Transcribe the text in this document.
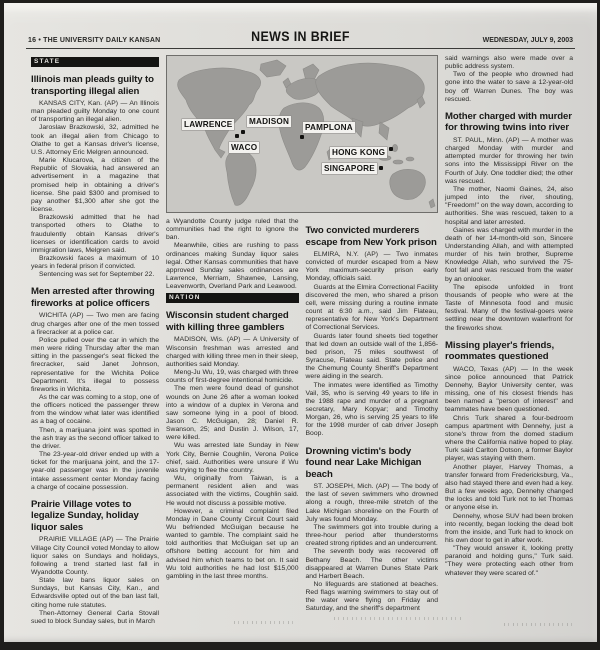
16 • THE UNIVERSITY DAILY KANSAN	NEWS IN BRIEF	WEDNESDAY, JULY 9, 2003
STATE
Illinois man pleads guilty to transporting illegal alien

KANSAS CITY, Kan. (AP) — An Illinois man pleaded guilty Monday to one count of transporting an illegal alien.

Jaroslaw Brazkowski, 32, admitted he took an illegal alien from Chicago to Olathe to get a Kansas driver's license, U.S. Attorney Eric Melgren announced.

Marie Klucarova, a citizen of the Republic of Slovakia, had answered an advertisement in a magazine that promised help in obtaining a driver's license. She paid $300 and promised to pay another $1,300 after she got the license.

Brazkowski admitted that he had transported others to Olathe to fraudulently obtain Kansas driver's licenses or identification cards to avoid immigration laws, Melgren said.

Brazkowski faces a maximum of 10 years in federal prison if convicted.

Sentencing was set for September 22.

Men arrested after throwing fireworks at police officers

WICHITA (AP) — Two men are facing drug charges after one of the men tossed a firecracker at a police car.

Police pulled over the car in which the men were riding Thursday after the man sitting in the passenger's seat flicked the firecracker, said Janet Johnson, representative for the Wichita Police Department. It's illegal to possess fireworks in Wichita.

As the car was coming to a stop, one of the officers noticed the passenger threw from the window what later was identified as a bag of cocaine.

Then, a marijuana joint was spotted in the ash tray as the second officer talked to the driver.

The 23-year-old driver ended up with a ticket for the marijuana joint, and the 17-year-old passenger was in the juvenile intake assessment center Monday facing a charge of cocaine possession.

Prairie Village votes to legalize Sunday, holiday liquor sales

PRAIRIE VILLAGE (AP) — The Prairie Village City Council voted Monday to allow liquor sales on Sundays and holidays, following a trend started last fall in Wyandotte County.

State law bans liquor sales on Sundays, but Kansas City, Kan., and Edwardsville opted out of the ban last fall, citing home rule statutes.

Then-Attorney General Carla Stovall sued to block Sunday sales, but in March

LAWRENCE MADISON
WACO
PAMPLONA
HONG KONG
SINGAPORE

a Wyandotte County judge ruled that the communities had the right to ignore the ban.

Meanwhile, cities are rushing to pass ordinances making Sunday liquor sales legal. Other Kansas communities that have approved Sunday sales ordinances are Lawrence, Merriam, Shawnee, Lansing, Leavenworth, Overland Park and Leawood.

NATION
Wisconsin student charged with killing three gamblers

MADISON, Wis. (AP) — A University of Wisconsin freshman was arrested and charged with killing three men in their sleep, authorities said Monday.

Meng-Ju Wu, 19, was charged with three counts of first-degree intentional homicide.

The men were found dead of gunshot wounds on June 26 after a woman looked into a window of a duplex in Verona and saw someone lying in a pool of blood. Jason C. McGuigan, 28; Daniel R. Swanson, 25; and Dustin J. Wilson, 17, were killed.

Wu was arrested late Sunday in New York City, Bernie Coughlin, Verona Police chief, said. Authorities were unsure if Wu was trying to flee the country.

Wu, originally from Taiwan, is a permanent resident alien and was associated with the victims, Coughlin said. He would not discuss a possible motive.

However, a criminal complaint filed Monday in Dane County Circuit Court said Wu befriended McGuigan because he wanted to gamble. The complaint said he told authorities that McGuigan set up an offshore betting account for him and advised him which teams to bet on. It said Wu told authorities he had lost $15,000 gambling in the last three months.

Two convicted murderers escape from New York prison

ELMIRA, N.Y. (AP) — Two inmates convicted of murder escaped from a New York maximum-security prison early Monday, officials said.

Guards at the Elmira Correctional Facility discovered the men, who shared a prison cell, were missing during a routine inmate count at 6:30 a.m., said Jim Flateau, representative for New York's Department of Correctional Services.

Guards later found sheets tied together that led down an outside wall of the 1,856-bed prison, 75 miles southwest of Syracuse, Flateau said. State police and the Chemung County Sheriff's Department were aiding in the search.

The inmates were identified as Timothy Vail, 35, who is serving 49 years to life in the 1988 rape and murder of a pregnant secretary, Mary Kopyar; and Timothy Morgan, 26, who is serving 25 years to life for the 1998 murder of cab driver Joseph Boop.

Drowning victim's body found near Lake Michigan beach

ST. JOSEPH, Mich. (AP) — The body of the last of seven swimmers who drowned along a rough, three-mile stretch of the Lake Michigan shoreline on the Fourth of July was found Monday.

The swimmers got into trouble during a three-hour period after thunderstorms created strong riptides and an undercurrent.

The seventh body was recovered off Bethany Beach. The other victims disappeared at Warren Dunes State Park and Harbert Beach.

No lifeguards are stationed at beaches. Red flags warning swimmers to stay out of the water were flying on Friday and Saturday, and the sheriff's department

said warnings also were made over a public address system.

Two of the people who drowned had gone into the water to save a 12-year-old boy off Warren Dunes. The boy was rescued.

Mother charged with murder for throwing twins into river

ST. PAUL, Minn. (AP) — A mother was charged Monday with murder and attempted murder for throwing her twin sons into the Mississippi River on the Fourth of July. One toddler died; the other was rescued.

The mother, Naomi Gaines, 24, also jumped into the river, shouting, "Freedom!" on the way down, according to authorities. She was rescued, taken to a hospital and later arrested.

Gaines was charged with murder in the death of her 14-month-old son, Sincere Understanding Allah, and with attempted murder of his twin brother, Supreme Knowledge Allah, who survived the 75-foot fall and was rescued from the water by an onlooker.

The episode unfolded in front thousands of people who were at the Taste of Minnesota food and music festival. Many of the festival-goers were settling near the downtown waterfront for the fireworks show.

Missing player's friends, roommates questioned

WACO, Texas (AP) — In the week since police announced that Patrick Dennehy, Baylor University center, was missing, one of his closest friends has been named a "person of interest" and teammates have been questioned.

Chris Turk shared a four-bedroom campus apartment with Dennehy, just a stone's throw from the domed stadium where the California native hoped to play. Turk said Carlton Dotson, a former Baylor player, was staying with them.

Another player, Harvey Thomas, a transfer forward from Fredericksburg, Va., also had stayed there and even had a key. But a few weeks ago, Dennehy changed the locks and told Turk not to let Thomas or anyone else in.

Dennehy, whose SUV had been broken into recently, began locking the dead bolt from the inside, and Turk had to knock on his own door to get in after work.

"They would answer it, looking pretty paranoid and holding guns," Turk said. "They were protecting each other from whatever they were scared of."
